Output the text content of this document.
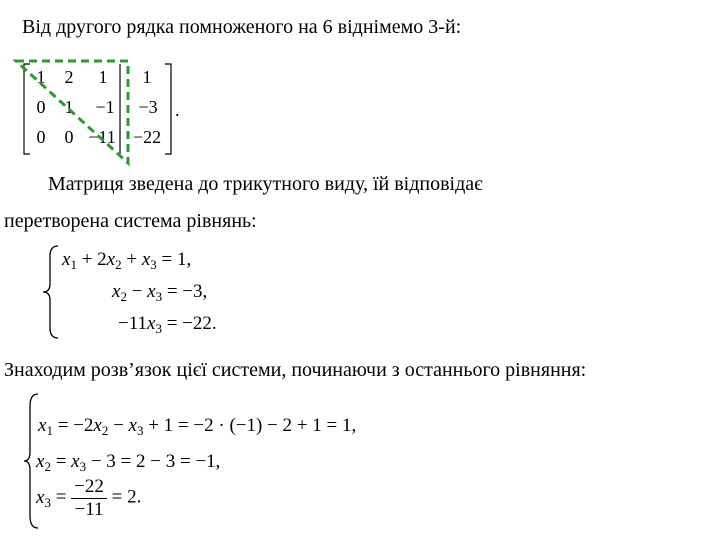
Від другого рядка помноженого на 6 віднімемо 3-й:
1	2	1	1
0	1	−1	−3
0	0 −11 −22
.
Матриця зведена до трикутного виду, їй відповідає
перетворена система рівнянь:
$x_1 + 2x_2 + x_3 = 1$,
$x_2 - x_3 = -3$,
$-11x_3 = -22$.
Знаходим розв’язок цієї системи, починаючи з останнього рівняння:
$x_1 = -2x_2 - x_3 + 1 = -2 \cdot (-1) - 2 + 1 = 1$,
$x_2 = x_3 - 3 = 2 - 3 = -1$,
$x_3 = \frac{-22}{-11} = 2$.
